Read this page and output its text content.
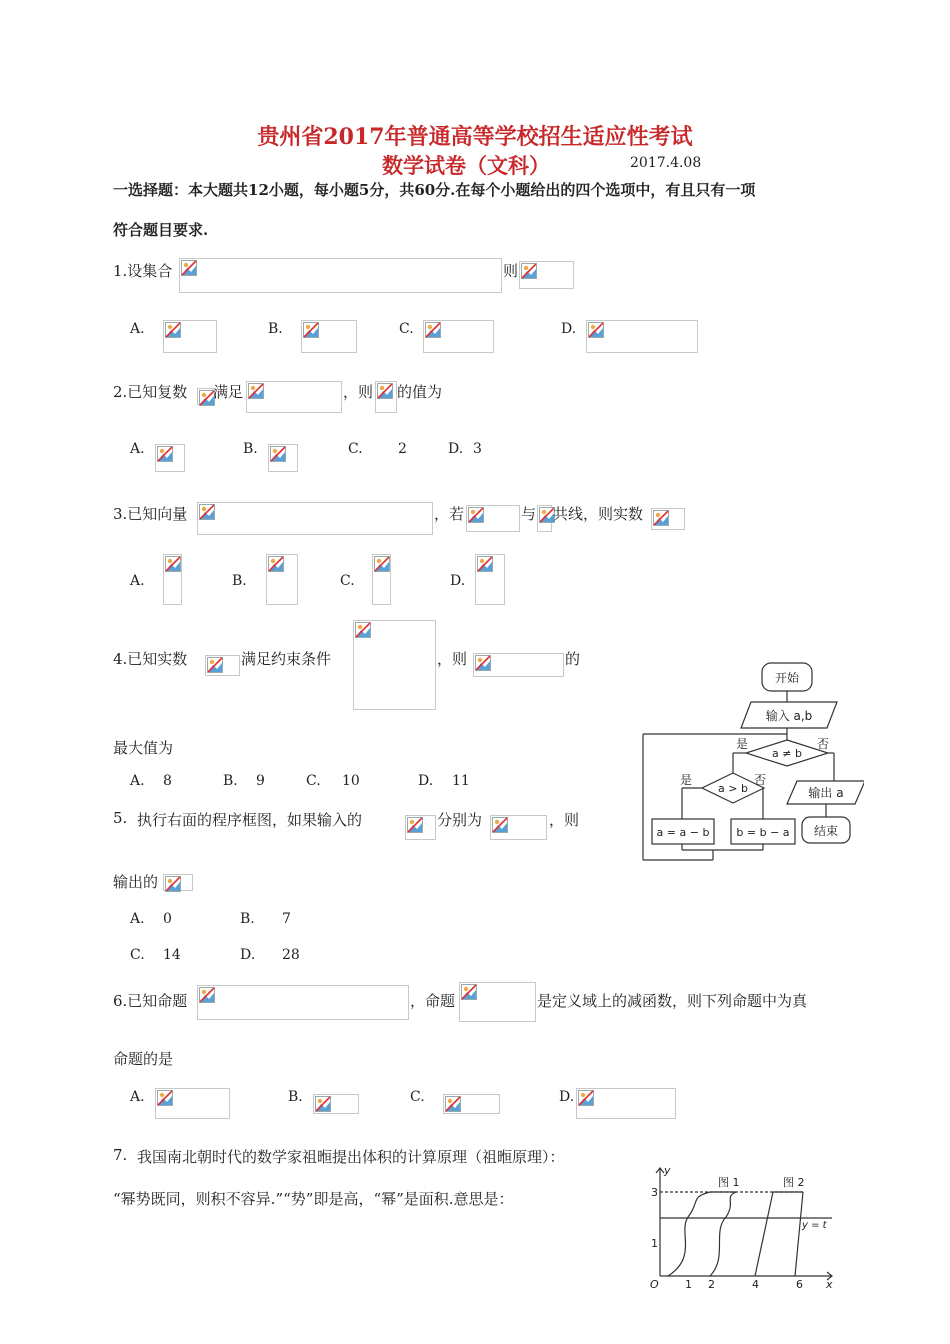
贵州省2017年普通高等学校招生适应性考试
数学试卷（文科）	2017.4.08
一选择题：本大题共12小题，每小题5分，共60分.在每个小题给出的四个选项中，有且只有一项
符合题目要求.
1.设集合	则
A.	B.	C.	D.
2.已知复数 满足	，则 的值为
A.	B.	C.	2	D. 3
3.已知向量	，若	与 共线，则实数
A.	B.	C.	D.
4.已知实数	满足约束条件	，则	的
最大值为
A. 8	B. 9	C. 10	D. 11
5. 执行右面的程序框图，如果输入的	分别为	，则
输出的
A. 0	B. 7
C. 14	D. 28
开始
输入 a,b
a ≠ b
a > b
是	否
是	否
a = a − b b = b − a
输出 a
结束
6.已知命题	，命题	是定义域上的减函数，则下列命题中为真
命题的是
A.	B.	C.	D.
7. 我国南北朝时代的数学家祖暅提出体积的计算原理（祖暅原理）：
“幂势既同，则积不容异.”“势”即是高，“幂”是面积.意思是：
y
x
O
3
1
1 2	4	6
图 1	图 2
y = t
